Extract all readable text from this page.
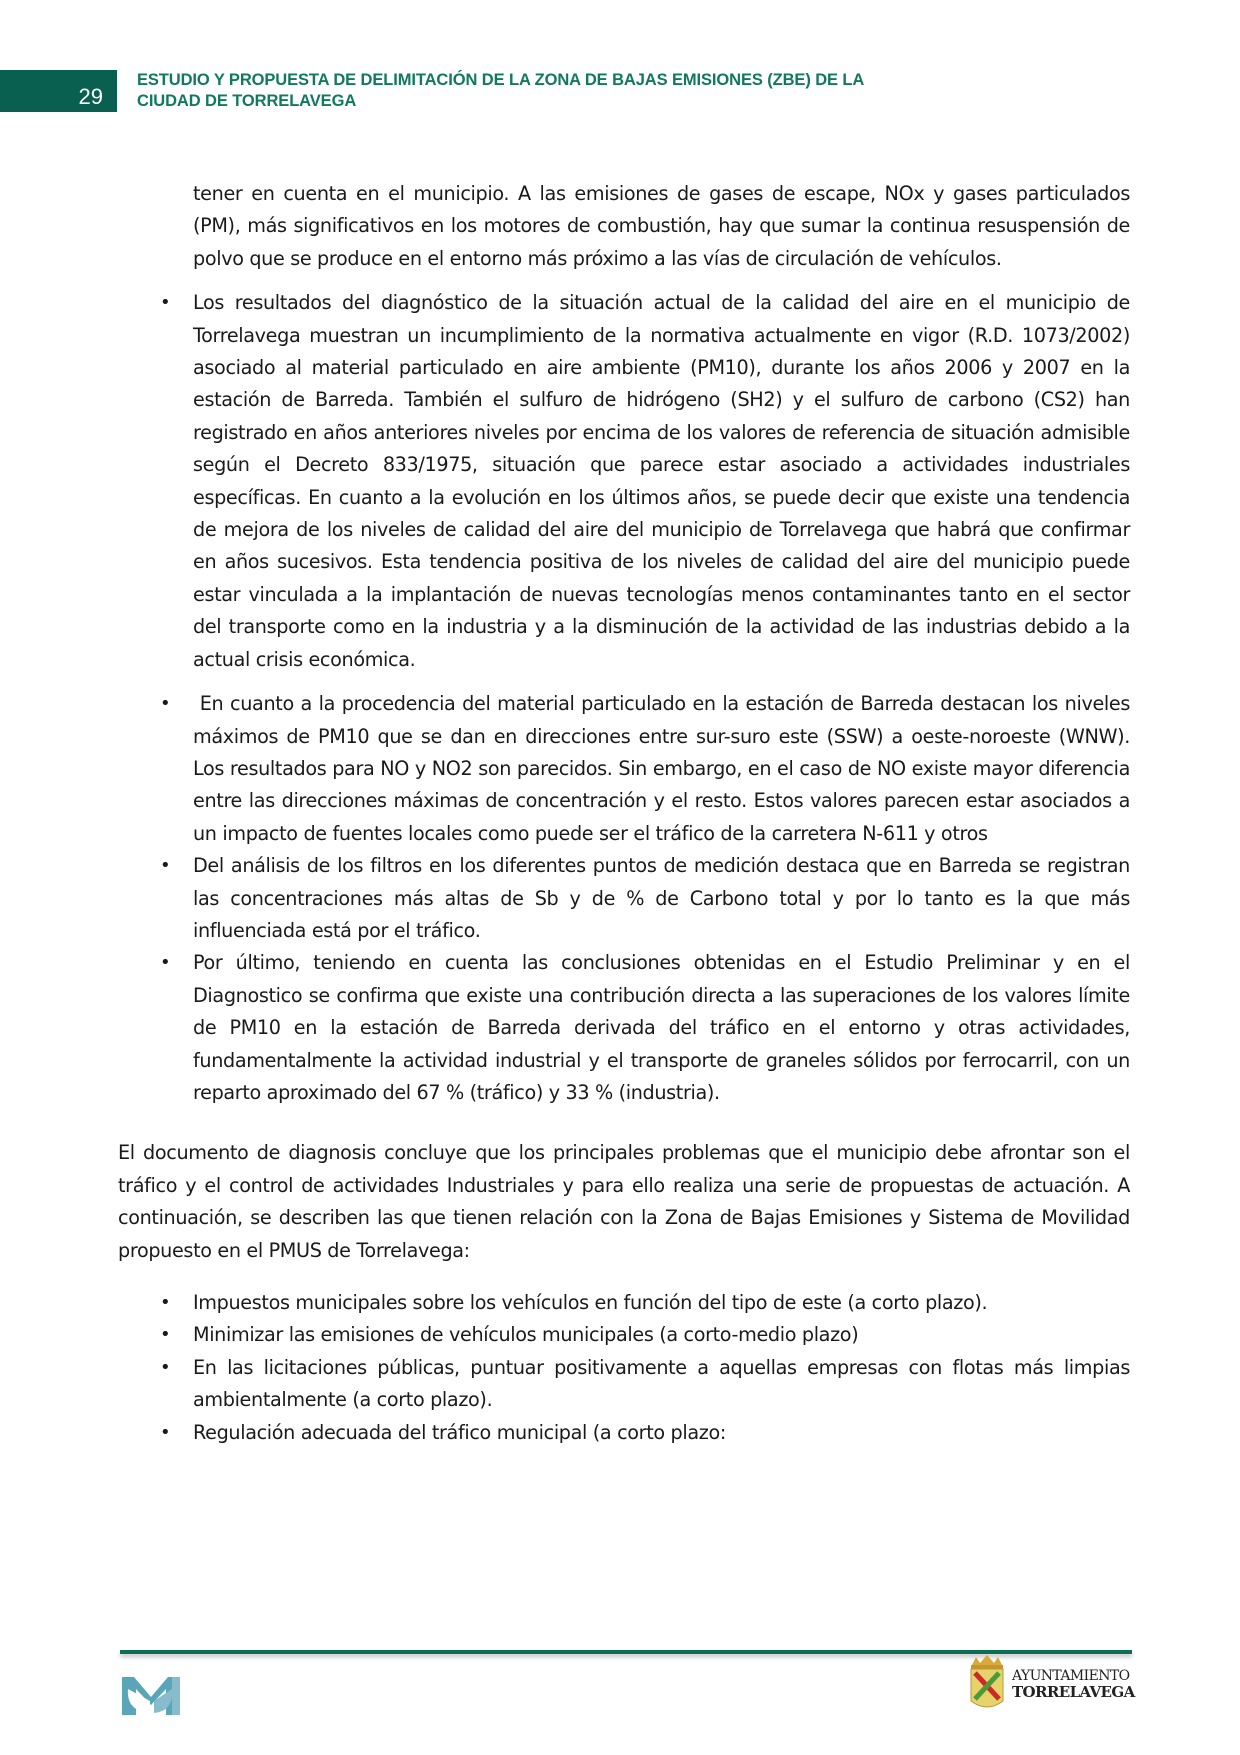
29
ESTUDIO Y PROPUESTA DE DELIMITACIÓN DE LA ZONA DE BAJAS EMISIONES (ZBE) DE LA
CIUDAD DE TORRELAVEGA
tener en cuenta en el municipio. A las emisiones de gases de escape, NOx y gases particulados (PM), más significativos en los motores de combustión, hay que sumar la continua resuspensión de polvo que se produce en el entorno más próximo a las vías de circulación de vehículos.
• Los resultados del diagnóstico de la situación actual de la calidad del aire en el municipio de Torrelavega muestran un incumplimiento de la normativa actualmente en vigor (R.D. 1073/2002) asociado al material particulado en aire ambiente (PM10), durante los años 2006 y 2007 en la estación de Barreda. También el sulfuro de hidrógeno (SH2) y el sulfuro de carbono (CS2) han registrado en años anteriores niveles por encima de los valores de referencia de situación admisible según el Decreto 833/1975, situación que parece estar asociado a actividades industriales específicas. En cuanto a la evolución en los últimos años, se puede decir que existe una tendencia de mejora de los niveles de calidad del aire del municipio de Torrelavega que habrá que confirmar en años sucesivos. Esta tendencia positiva de los niveles de calidad del aire del municipio puede estar vinculada a la implantación de nuevas tecnologías menos contaminantes tanto en el sector del transporte como en la industria y a la disminución de la actividad de las industrias debido a la actual crisis económica.
• En cuanto a la procedencia del material particulado en la estación de Barreda destacan los niveles máximos de PM10 que se dan en direcciones entre sur-suro este (SSW) a oeste-noroeste (WNW). Los resultados para NO y NO2 son parecidos. Sin embargo, en el caso de NO existe mayor diferencia entre las direcciones máximas de concentración y el resto. Estos valores parecen estar asociados a un impacto de fuentes locales como puede ser el tráfico de la carretera N-611 y otros
• Del análisis de los filtros en los diferentes puntos de medición destaca que en Barreda se registran las concentraciones más altas de Sb y de % de Carbono total y por lo tanto es la que más influenciada está por el tráfico.
• Por último, teniendo en cuenta las conclusiones obtenidas en el Estudio Preliminar y en el Diagnostico se confirma que existe una contribución directa a las superaciones de los valores límite de PM10 en la estación de Barreda derivada del tráfico en el entorno y otras actividades, fundamentalmente la actividad industrial y el transporte de graneles sólidos por ferrocarril, con un reparto aproximado del 67 % (tráfico) y 33 % (industria).
El documento de diagnosis concluye que los principales problemas que el municipio debe afrontar son el tráfico y el control de actividades Industriales y para ello realiza una serie de propuestas de actuación. A continuación, se describen las que tienen relación con la Zona de Bajas Emisiones y Sistema de Movilidad propuesto en el PMUS de Torrelavega:
• Impuestos municipales sobre los vehículos en función del tipo de este (a corto plazo).
• Minimizar las emisiones de vehículos municipales (a corto-medio plazo)
• En las licitaciones públicas, puntuar positivamente a aquellas empresas con flotas más limpias ambientalmente (a corto plazo).
• Regulación adecuada del tráfico municipal (a corto plazo:
AYUNTAMIENTO
TORRELAVEGA
